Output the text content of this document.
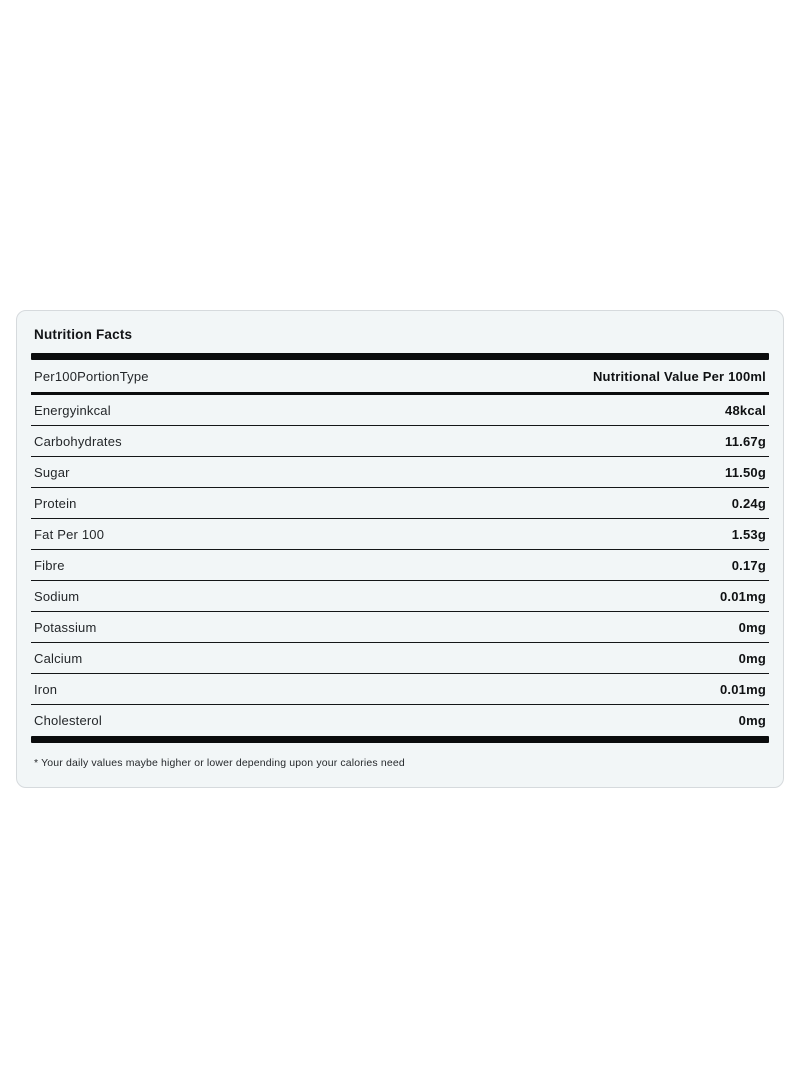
Nutrition Facts
Per100PortionType	Nutritional Value Per 100ml
Energyinkcal	48kcal
Carbohydrates	11.67g
Sugar	11.50g
Protein	0.24g
Fat Per 100	1.53g
Fibre	0.17g
Sodium	0.01mg
Potassium	0mg
Calcium	0mg
Iron	0.01mg
Cholesterol	0mg
* Your daily values maybe higher or lower depending upon your calories need
